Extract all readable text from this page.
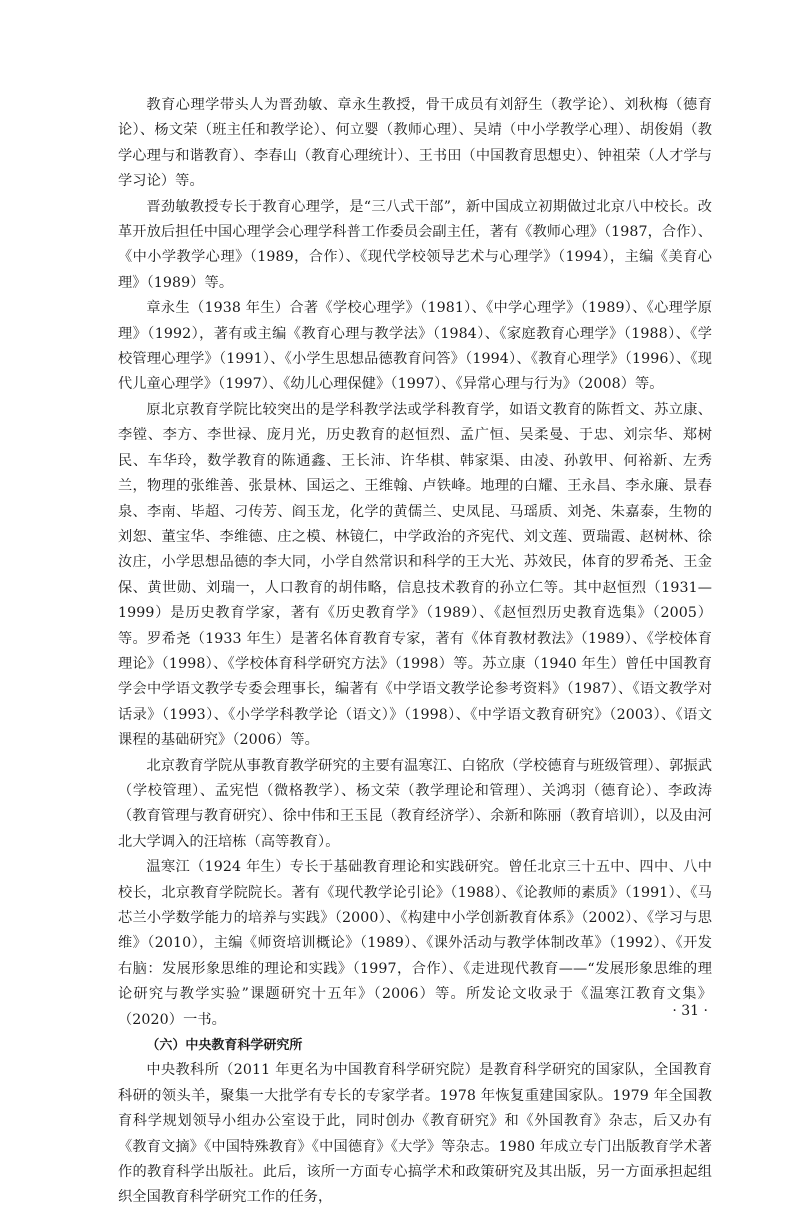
教育心理学带头人为晋劲敏、章永生教授，骨干成员有刘舒生（教学论）、刘秋梅（德育论）、杨文荣（班主任和教学论）、何立婴（教师心理）、吴靖（中小学教学心理）、胡俊娟（教学心理与和谐教育）、李春山（教育心理统计）、王书田（中国教育思想史）、钟祖荣（人才学与学习论）等。

晋劲敏教授专长于教育心理学，是“三八式干部”，新中国成立初期做过北京八中校长。改革开放后担任中国心理学会心理学科普工作委员会副主任，著有《教师心理》（1987，合作）、《中小学教学心理》（1989，合作）、《现代学校领导艺术与心理学》（1994），主编《美育心理》（1989）等。

章永生（1938 年生）合著《学校心理学》（1981）、《中学心理学》（1989）、《心理学原理》（1992），著有或主编《教育心理与教学法》（1984）、《家庭教育心理学》（1988）、《学校管理心理学》（1991）、《小学生思想品德教育问答》（1994）、《教育心理学》（1996）、《现代儿童心理学》（1997）、《幼儿心理保健》（1997）、《异常心理与行为》（2008）等。

原北京教育学院比较突出的是学科教学法或学科教育学，如语文教育的陈哲文、苏立康、李镗、李方、李世禄、庞月光，历史教育的赵恒烈、孟广恒、吴柔曼、于忠、刘宗华、郑树民、车华玲，数学教育的陈通鑫、王长沛、许华棋、韩家渠、由凌、孙敦甲、何裕新、左秀兰，物理的张维善、张景林、国运之、王维翰、卢铁峰。地理的白耀、王永昌、李永廉、景春泉、李南、毕超、刁传芳、阎玉龙，化学的黄儒兰、史凤昆、马瑶质、刘尧、朱嘉泰，生物的刘恕、董宝华、李维德、庄之模、林镜仁，中学政治的齐宪代、刘文莲、贾瑞霞、赵树林、徐汝庄，小学思想品德的李大同，小学自然常识和科学的王大光、苏效民，体育的罗希尧、王金保、黄世勋、刘瑞一，人口教育的胡伟略，信息技术教育的孙立仁等。其中赵恒烈（1931—1999）是历史教育学家，著有《历史教育学》（1989）、《赵恒烈历史教育选集》（2005）等。罗希尧（1933 年生）是著名体育教育专家，著有《体育教材教法》（1989）、《学校体育理论》（1998）、《学校体育科学研究方法》（1998）等。苏立康（1940 年生）曾任中国教育学会中学语文教学专委会理事长，编著有《中学语文教学论参考资料》（1987）、《语文教学对话录》（1993）、《小学学科教学论（语文）》（1998）、《中学语文教育研究》（2003）、《语文课程的基础研究》（2006）等。

北京教育学院从事教育教学研究的主要有温寒江、白铭欣（学校德育与班级管理）、郭振武（学校管理）、孟宪恺（微格教学）、杨文荣（教学理论和管理）、关鸿羽（德育论）、李政涛（教育管理与教育研究）、徐中伟和王玉昆（教育经济学）、余新和陈丽（教育培训），以及由河北大学调入的汪培栋（高等教育）。

温寒江（1924 年生）专长于基础教育理论和实践研究。曾任北京三十五中、四中、八中校长，北京教育学院院长。著有《现代教学论引论》（1988）、《论教师的素质》（1991）、《马芯兰小学数学能力的培养与实践》（2000）、《构建中小学创新教育体系》（2002）、《学习与思维》（2010），主编《师资培训概论》（1989）、《课外活动与教学体制改革》（1992）、《开发右脑：发展形象思维的理论和实践》（1997，合作）、《走进现代教育——“发展形象思维的理论研究与教学实验”课题研究十五年》（2006）等。所发论文收录于《温寒江教育文集》（2020）一书。

（六）中央教育科学研究所

中央教科所（2011 年更名为中国教育科学研究院）是教育科学研究的国家队，全国教育科研的领头羊，聚集一大批学有专长的专家学者。1978 年恢复重建国家队。1979 年全国教育科学规划领导小组办公室设于此，同时创办《教育研究》和《外国教育》杂志，后又办有《教育文摘》《中国特殊教育》《中国德育》《大学》等杂志。1980 年成立专门出版教育学术著作的教育科学出版社。此后，该所一方面专心搞学术和政策研究及其出版，另一方面承担起组织全国教育科学研究工作的任务，

· 31 ·
